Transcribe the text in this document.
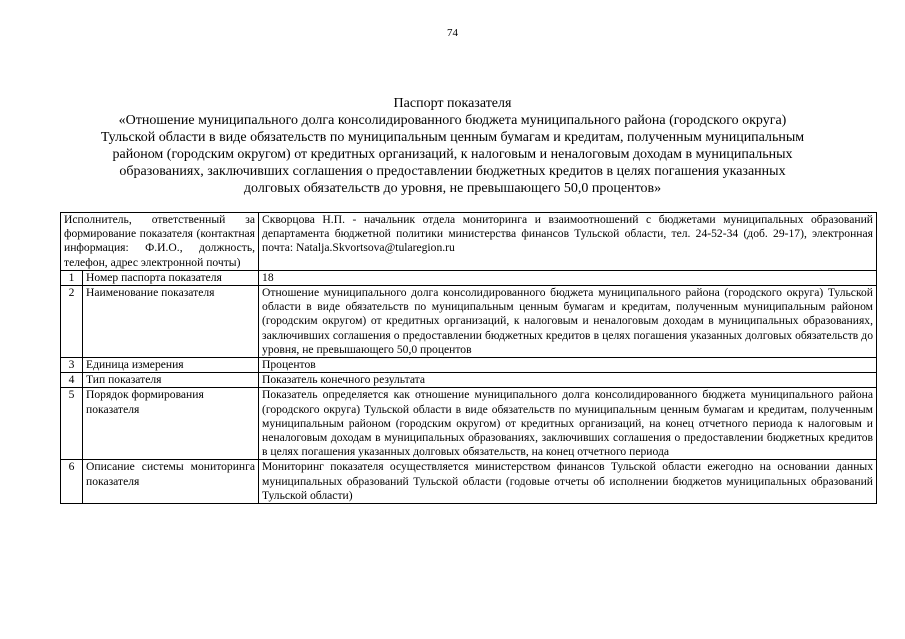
74
Паспорт показателя
«Отношение муниципального долга консолидированного бюджета муниципального района (городского округа)
Тульской области в виде обязательств по муниципальным ценным бумагам и кредитам, полученным муниципальным
районом (городским округом) от кредитных организаций, к налоговым и неналоговым доходам в муниципальных
образованиях, заключивших соглашения о предоставлении бюджетных кредитов в целях погашения указанных
долговых обязательств до уровня, не превышающего 50,0 процентов»
Исполнитель, ответственный за формирование показателя (контактная информация: Ф.И.О., должность, телефон, адрес электронной почты)		Скворцова Н.П. - начальник отдела мониторинга и взаимоотношений с бюджетами муниципальных образований департамента бюджетной политики министерства финансов Тульской области, тел. 24-52-34 (доб. 29-17), электронная почта: Natalja.Skvortsova@tularegion.ru
1	Номер паспорта показателя	18
2	Наименование показателя	Отношение муниципального долга консолидированного бюджета муниципального района (городского округа) Тульской области в виде обязательств по муниципальным ценным бумагам и кредитам, полученным муниципальным районом (городским округом) от кредитных организаций, к налоговым и неналоговым доходам в муниципальных образованиях, заключивших соглашения о предоставлении бюджетных кредитов в целях погашения указанных долговых обязательств до уровня, не превышающего 50,0 процентов
3	Единица измерения	Процентов
4	Тип показателя	Показатель конечного результата
5	Порядок формирования показателя	Показатель определяется как отношение муниципального долга консолидированного бюджета муниципального района (городского округа) Тульской области в виде обязательств по муниципальным ценным бумагам и кредитам, полученным муниципальным районом (городским округом) от кредитных организаций, на конец отчетного периода к налоговым и неналоговым доходам в муниципальных образованиях, заключивших соглашения о предоставлении бюджетных кредитов в целях погашения указанных долговых обязательств, на конец отчетного периода
6	Описание системы мониторинга показателя	Мониторинг показателя осуществляется министерством финансов Тульской области ежегодно на основании данных муниципальных образований Тульской области (годовые отчеты об исполнении бюджетов муниципальных образований Тульской области)
